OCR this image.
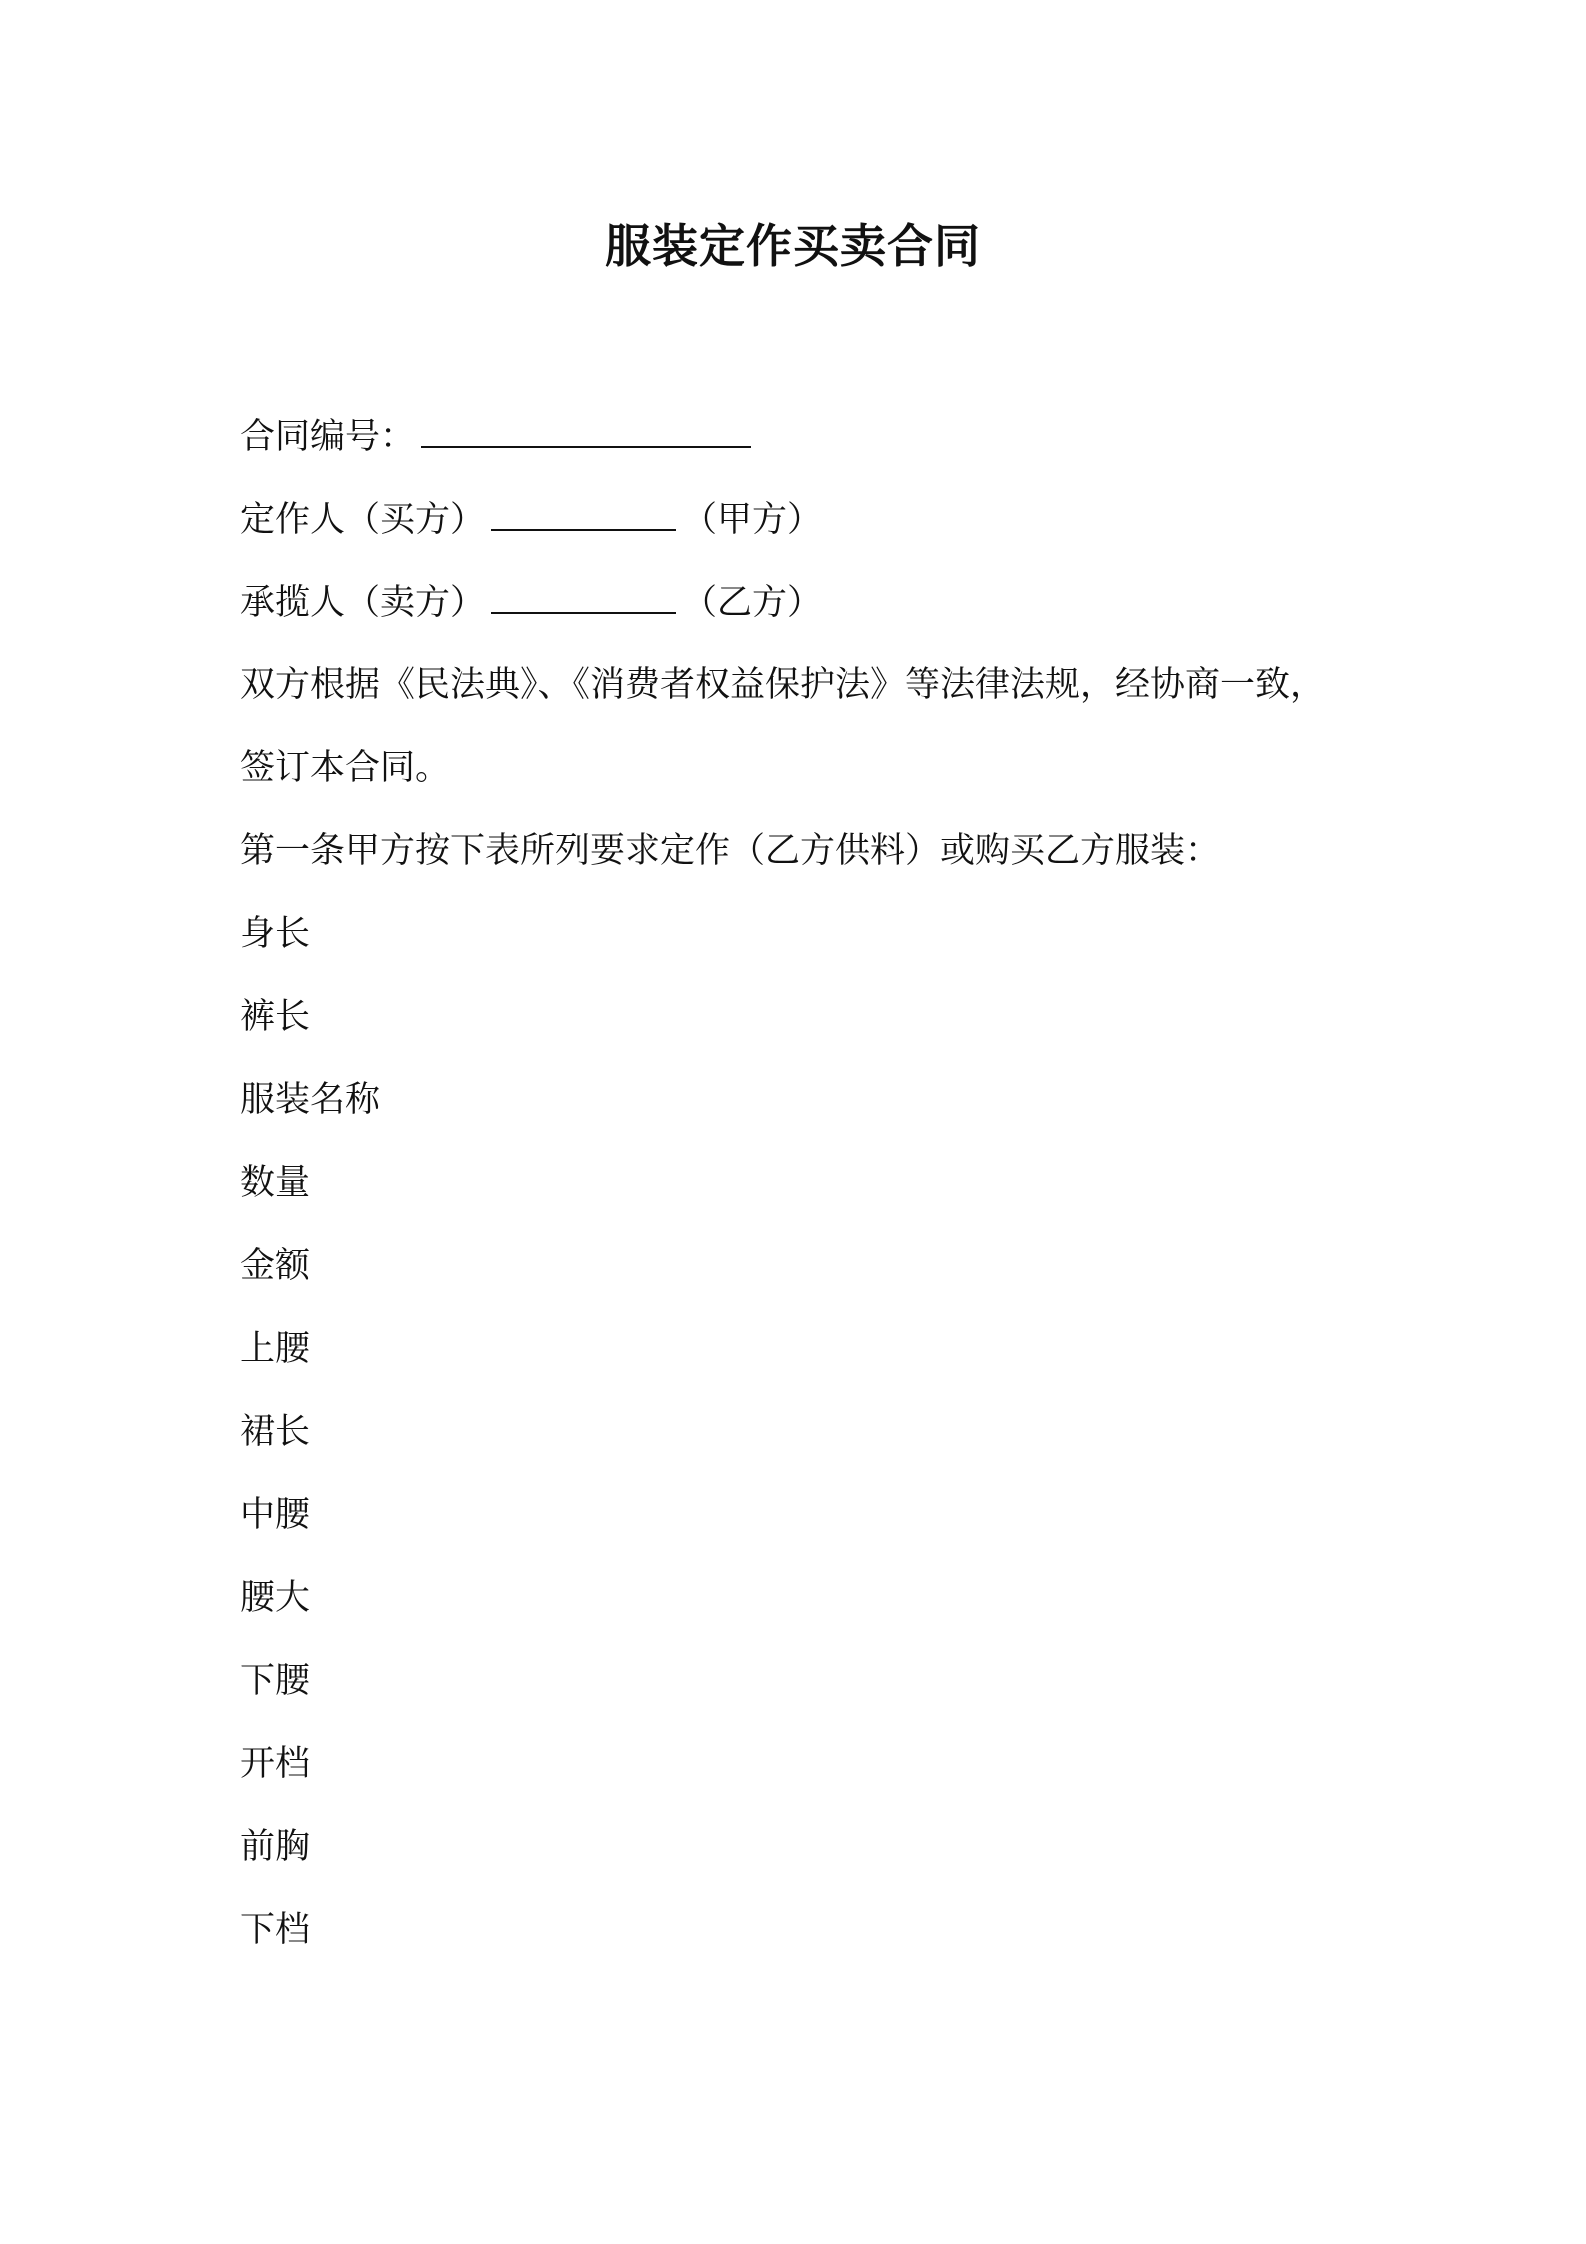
服装定作买卖合同
合同编号：
定作人（买方）	（甲方）
承揽人（卖方）	（乙方）
双方根据《民法典》、《消费者权益保护法》等法律法规，经协商一致，
签订本合同。
第一条甲方按下表所列要求定作（乙方供料）或购买乙方服装：
身长
裤长
服装名称
数量
金额
上腰
裙长
中腰
腰大
下腰
开档
前胸
下档
